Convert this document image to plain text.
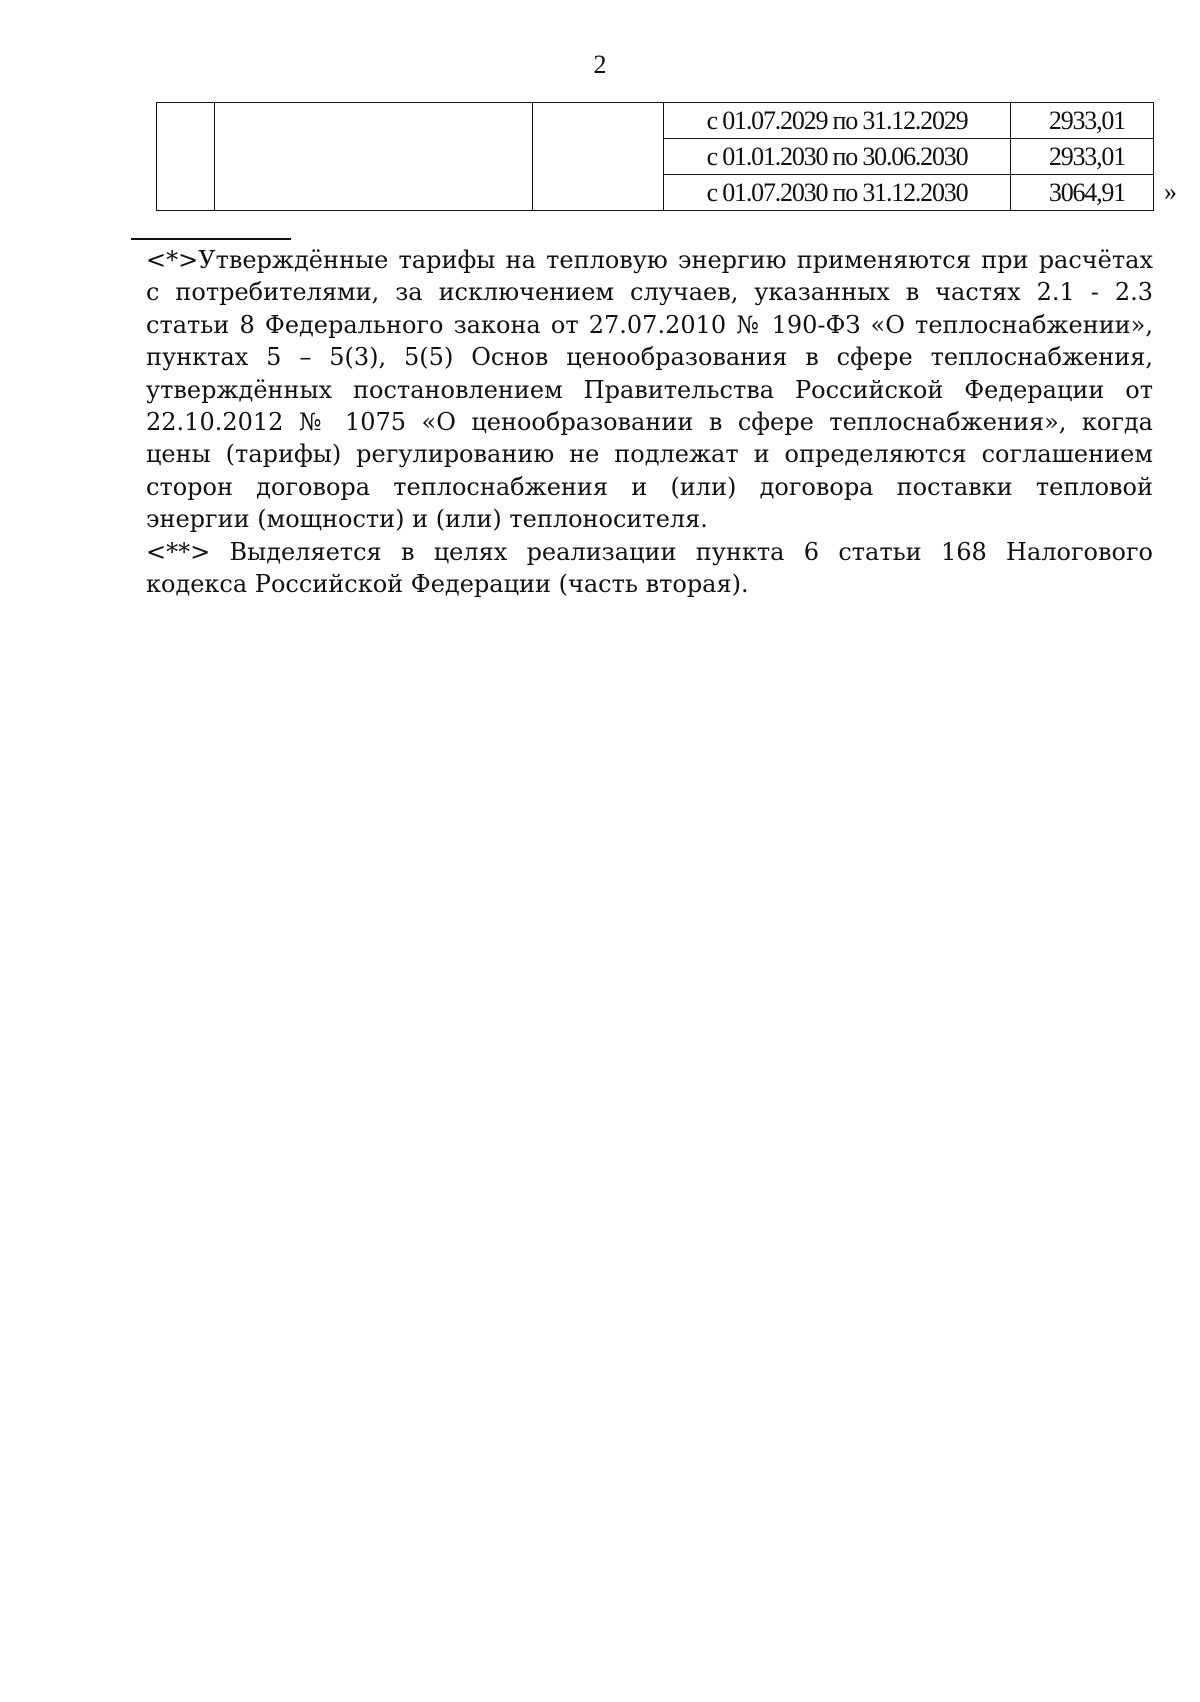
2
			с 01.07.2029 по 31.12.2029	2933,01
			с 01.01.2030 по 30.06.2030	2933,01
			с 01.07.2030 по 31.12.2030	3064,91 »

<*>Утверждённые тарифы на тепловую энергию применяются при расчётах с потребителями, за исключением случаев, указанных в частях 2.1 - 2.3 статьи 8 Федерального закона от 27.07.2010 № 190-ФЗ «О теплоснабжении», пунктах 5 – 5(3), 5(5) Основ ценообразования в сфере теплоснабжения, утверждённых постановлением Правительства Российской Федерации от 22.10.2012 № 1075 «О ценообразовании в сфере теплоснабжения», когда цены (тарифы) регулированию не подлежат и определяются соглашением сторон договора теплоснабжения и (или) договора поставки тепловой энергии (мощности) и (или) теплоносителя.

<**> Выделяется в целях реализации пункта 6 статьи 168 Налогового кодекса Российской Федерации (часть вторая).
